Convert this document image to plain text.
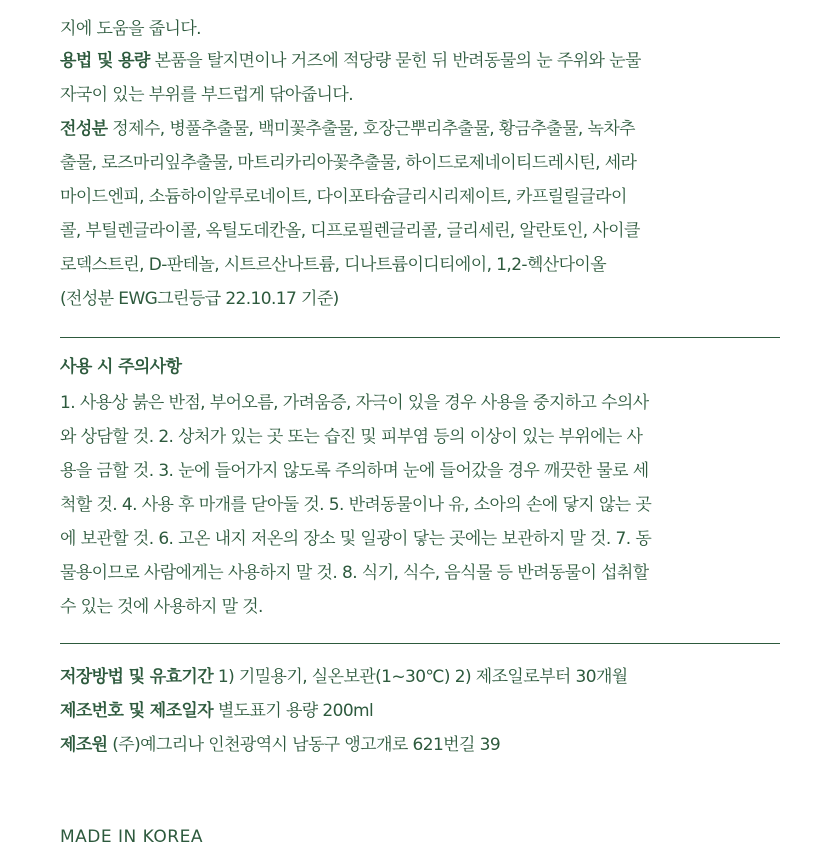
지에 도움을 줍니다.
용법 및 용량 본품을 탈지면이나 거즈에 적당량 묻힌 뒤 반려동물의 눈 주위와 눈물
자국이 있는 부위를 부드럽게 닦아줍니다.
전성분 정제수, 병풀추출물, 백미꽃추출물, 호장근뿌리추출물, 황금추출물, 녹차추
출물, 로즈마리잎추출물, 마트리카리아꽃추출물, 하이드로제네이티드레시틴, 세라
마이드엔피, 소듐하이알루로네이트, 다이포타슘글리시리제이트, 카프릴릴글라이
콜, 부틸렌글라이콜, 옥틸도데칸올, 디프로필렌글리콜, 글리세린, 알란토인, 사이클
로덱스트린, D-판테놀, 시트르산나트륨, 디나트륨이디티에이, 1,2-헥산다이올
(전성분 EWG그린등급 22.10.17 기준)
사용 시 주의사항
1. 사용상 붉은 반점, 부어오름, 가려움증, 자극이 있을 경우 사용을 중지하고 수의사
와 상담할 것. 2. 상처가 있는 곳 또는 습진 및 피부염 등의 이상이 있는 부위에는 사
용을 금할 것. 3. 눈에 들어가지 않도록 주의하며 눈에 들어갔을 경우 깨끗한 물로 세
척할 것. 4. 사용 후 마개를 닫아둘 것. 5. 반려동물이나 유, 소아의 손에 닿지 않는 곳
에 보관할 것. 6. 고온 내지 저온의 장소 및 일광이 닿는 곳에는 보관하지 말 것. 7. 동
물용이므로 사람에게는 사용하지 말 것. 8. 식기, 식수, 음식물 등 반려동물이 섭취할
수 있는 것에 사용하지 말 것.
저장방법 및 유효기간 1) 기밀용기, 실온보관(1~30℃) 2) 제조일로부터 30개월
제조번호 및 제조일자 별도표기 용량 200ml
제조원 (주)예그리나 인천광역시 남동구 앵고개로 621번길 39
MADE IN KOREA
